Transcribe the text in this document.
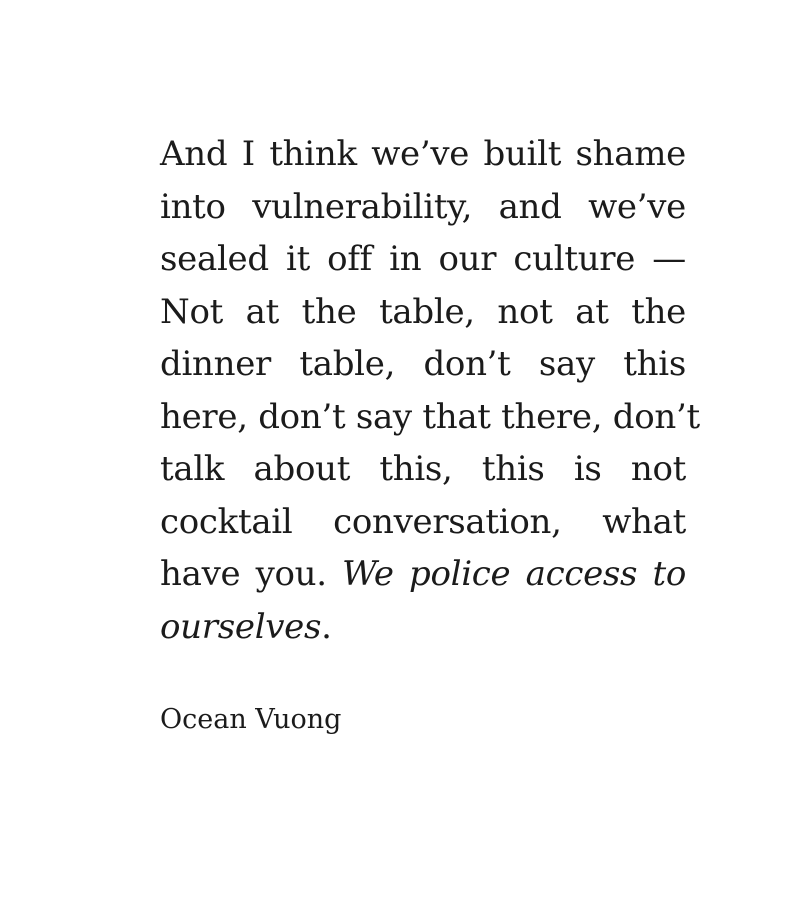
And I think we’ve built shame
into vulnerability, and we’ve
sealed it off in our culture —
Not at the table, not at the
dinner table, don’t say this
here, don’t say that there, don’t
talk about this, this is not
cocktail conversation, what
have you. We police access to
ourselves.

Ocean Vuong
